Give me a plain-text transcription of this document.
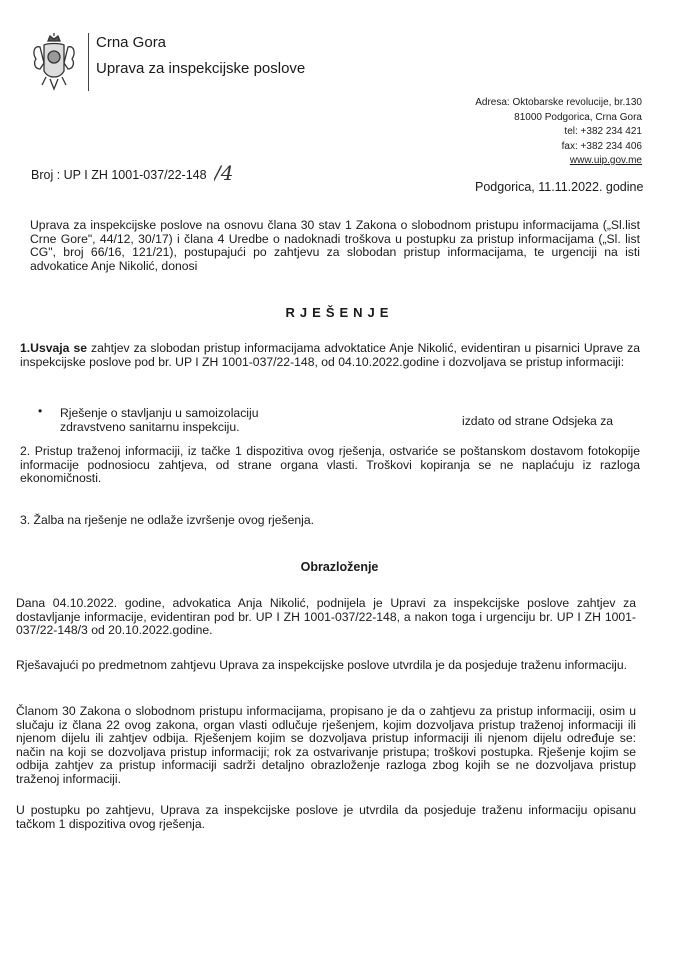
Crna Gora
Uprava za inspekcijske poslove
Adresa: Oktobarske revolucije, br.130
81000 Podgorica, Crna Gora
tel: +382 234 421
fax: +382 234 406
www.uip.gov.me
Broj : UP I ZH 1001-037/22-148 /4
Podgorica, 11.11.2022. godine
Uprava za inspekcijske poslove na osnovu člana 30 stav 1 Zakona o slobodnom pristupu informacijama („Sl.list Crne Gore", 44/12, 30/17) i člana 4 Uredbe o nadoknadi troškova u postupku za pristup informacijama („Sl. list CG", broj 66/16, 121/21), postupajući po zahtjevu za slobodan pristup informacijama, te urgenciji na isti advokatice Anje Nikolić, donosi
RJEŠENJE
1.Usvaja se zahtjev za slobodan pristup informacijama advoktatice Anje Nikolić, evidentiran u pisarnici Uprave za inspekcijske poslove pod br. UP I ZH 1001-037/22-148, od 04.10.2022.godine i dozvoljava se pristup informaciji:
• Rješenje o stavljanju u samoizolaciju zdravstveno sanitarnu inspekciju.	izdato od strane Odsjeka za
2. Pristup traženoj informaciji, iz tačke 1 dispozitiva ovog rješenja, ostvariće se poštanskom dostavom fotokopije informacije podnosiocu zahtjeva, od strane organa vlasti. Troškovi kopiranja se ne naplaćuju iz razloga ekonomičnosti.
3. Žalba na rješenje ne odlaže izvršenje ovog rješenja.
Obrazloženje
Dana 04.10.2022. godine, advokatica Anja Nikolić, podnijela je Upravi za inspekcijske poslove zahtjev za dostavljanje informacije, evidentiran pod br. UP I ZH 1001-037/22-148, a nakon toga i urgenciju br. UP I ZH 1001-037/22-148/3 od 20.10.2022.godine.
Rješavajući po predmetnom zahtjevu Uprava za inspekcijske poslove utvrdila je da posjeduje traženu informaciju.
Članom 30 Zakona o slobodnom pristupu informacijama, propisano je da o zahtjevu za pristup informaciji, osim u slučaju iz člana 22 ovog zakona, organ vlasti odlučuje rješenjem, kojim dozvoljava pristup traženoj informaciji ili njenom dijelu ili zahtjev odbija. Rješenjem kojim se dozvoljava pristup informaciji ili njenom dijelu određuje se: način na koji se dozvoljava pristup informaciji; rok za ostvarivanje pristupa; troškovi postupka. Rješenje kojim se odbija zahtjev za pristup informaciji sadrži detaljno obrazloženje razloga zbog kojih se ne dozvoljava pristup traženoj informaciji.
U postupku po zahtjevu, Uprava za inspekcijske poslove je utvrdila da posjeduje traženu informaciju opisanu tačkom 1 dispozitiva ovog rješenja.
